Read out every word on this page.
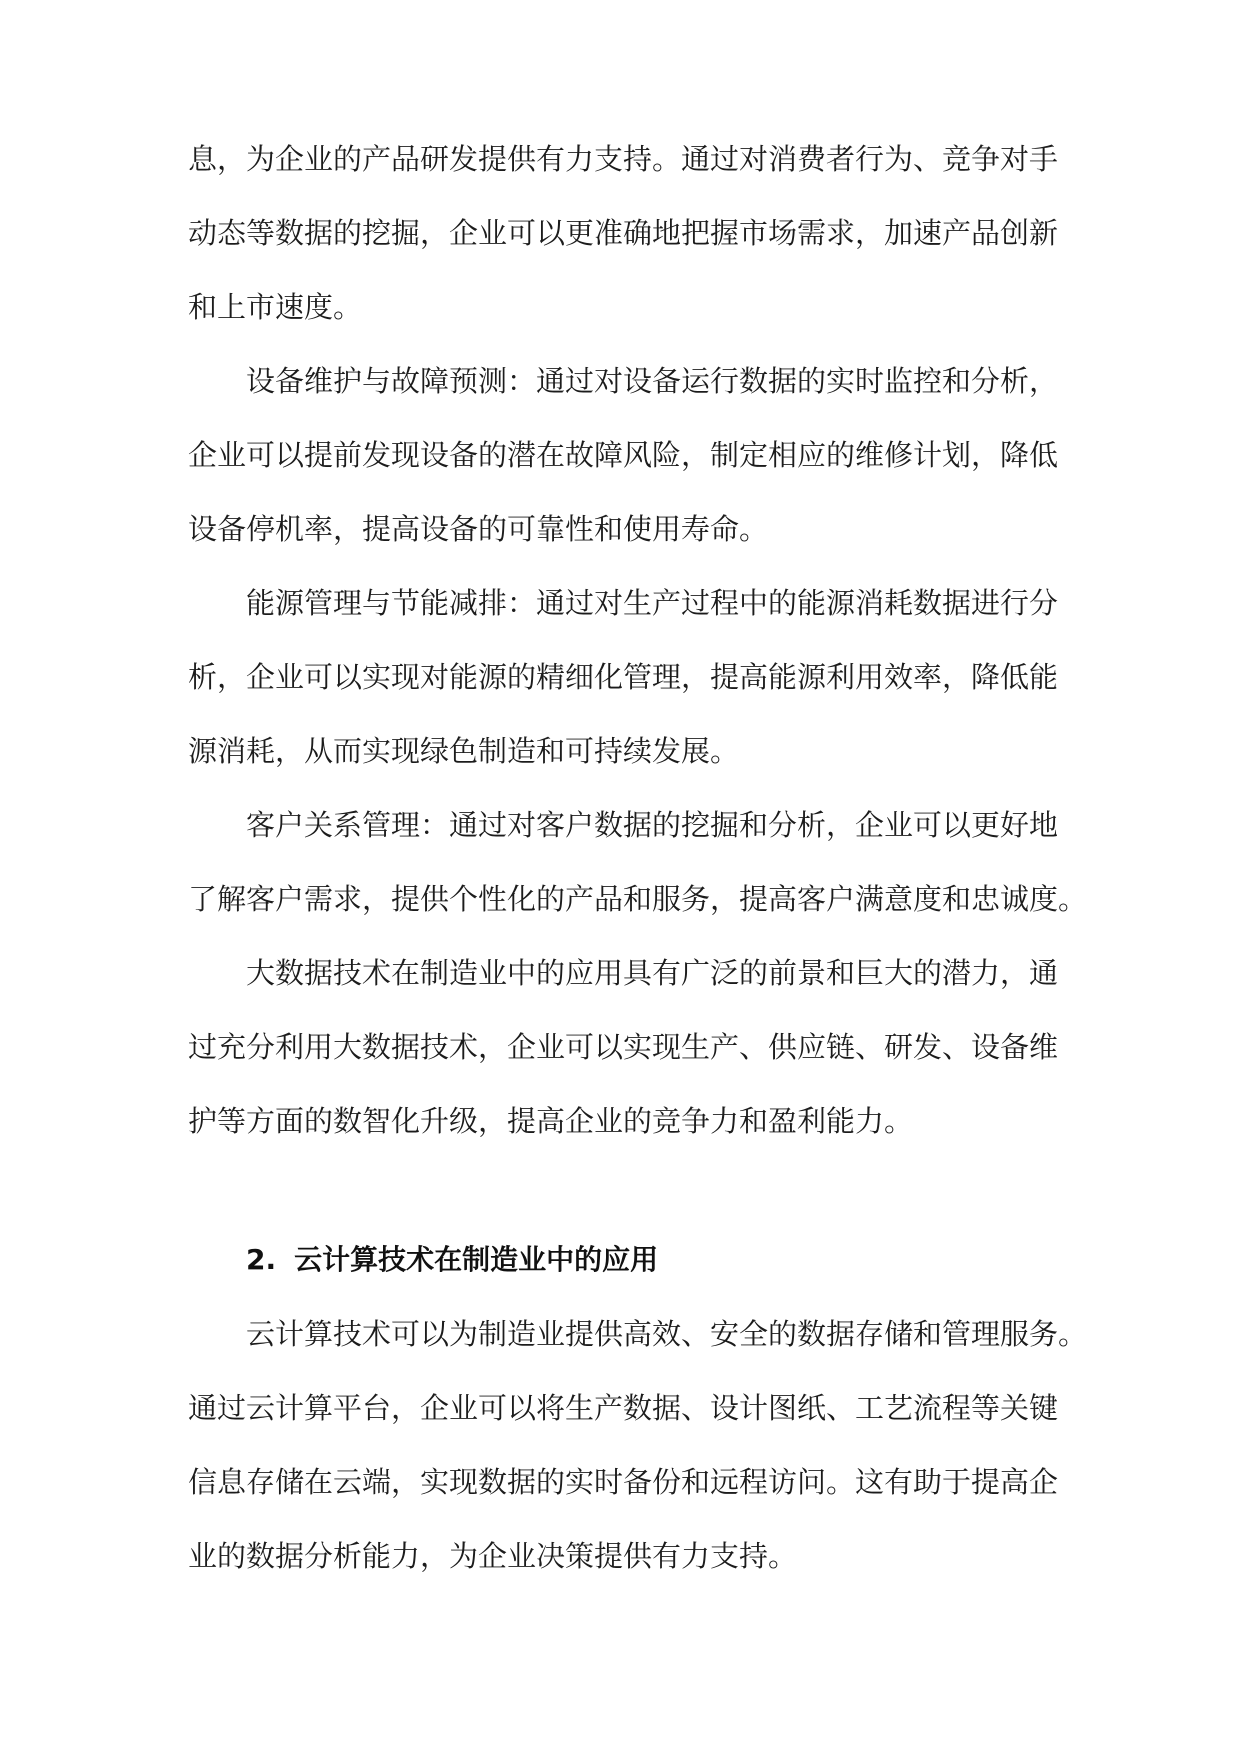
息，为企业的产品研发提供有力支持。通过对消费者行为、竞争对手

动态等数据的挖掘，企业可以更准确地把握市场需求，加速产品创新

和上市速度。

设备维护与故障预测：通过对设备运行数据的实时监控和分析，

企业可以提前发现设备的潜在故障风险，制定相应的维修计划，降低

设备停机率，提高设备的可靠性和使用寿命。

能源管理与节能减排：通过对生产过程中的能源消耗数据进行分

析，企业可以实现对能源的精细化管理，提高能源利用效率，降低能

源消耗，从而实现绿色制造和可持续发展。

客户关系管理：通过对客户数据的挖掘和分析，企业可以更好地

了解客户需求，提供个性化的产品和服务，提高客户满意度和忠诚度。

大数据技术在制造业中的应用具有广泛的前景和巨大的潜力，通

过充分利用大数据技术，企业可以实现生产、供应链、研发、设备维

护等方面的数智化升级，提高企业的竞争力和盈利能力。

2. 云计算技术在制造业中的应用

云计算技术可以为制造业提供高效、安全的数据存储和管理服务。

通过云计算平台，企业可以将生产数据、设计图纸、工艺流程等关键

信息存储在云端，实现数据的实时备份和远程访问。这有助于提高企

业的数据分析能力，为企业决策提供有力支持。
